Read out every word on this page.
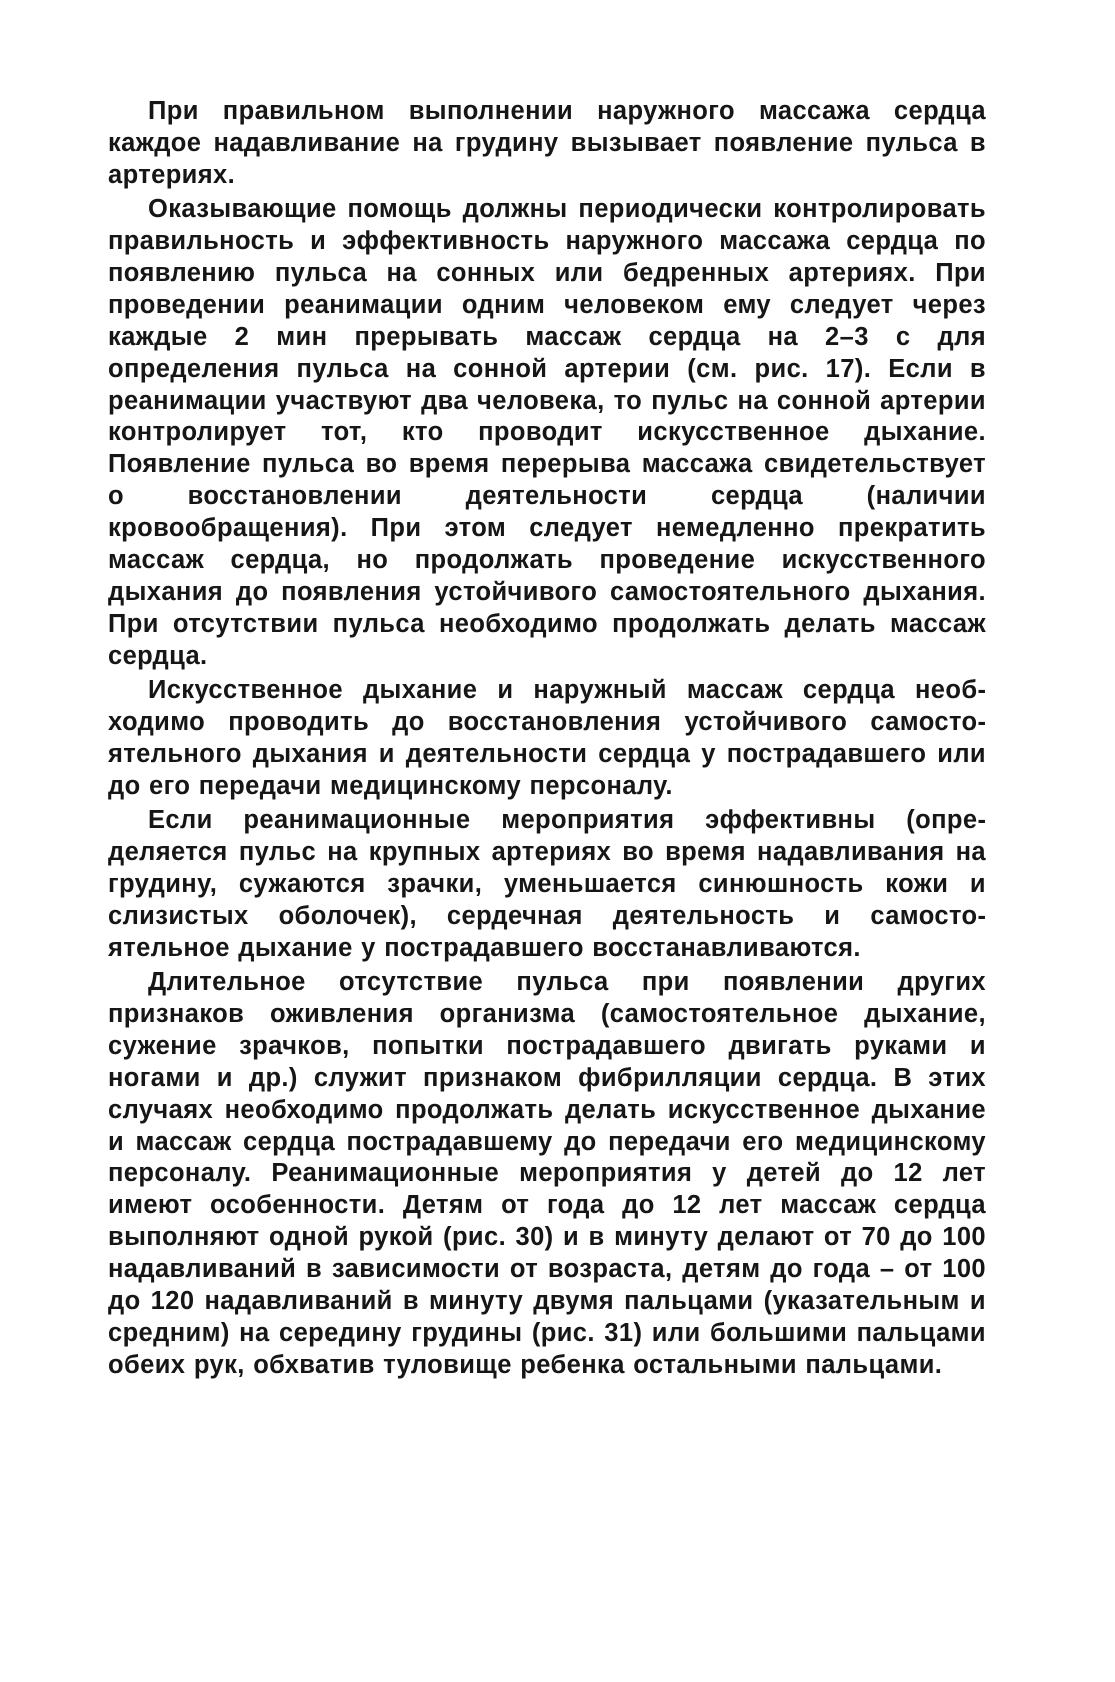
При правильном выполнении наружного массажа сердца каждое надавливание на грудину вызывает появление пульса в артериях.

Оказывающие помощь должны периодически контролировать правильность и эффективность наружного массажа сердца по появлению пульса на сонных или бедренных артериях. При проведении реанимации одним человеком ему следует через каждые 2 мин прерывать массаж сердца на 2–3 с для определения пульса на сонной артерии (см. рис. 17). Если в реанимации участвуют два человека, то пульс на сонной артерии контролирует тот, кто проводит искусственное дыхание. Появление пульса во время перерыва массажа свидетельствует о восстановлении деятельности сердца (наличии кровообращения). При этом следует немедленно прекратить массаж сердца, но продолжать проведение искусственного дыхания до появления устойчивого самостоятельного дыхания. При отсутствии пульса необходимо продолжать делать массаж сердца.

Искусственное дыхание и наружный массаж сердца необходимо проводить до восстановления устойчивого самостоятельного дыхания и деятельности сердца у пострадавшего или до его передачи медицинскому персоналу.

Если реанимационные мероприятия эффективны (определяется пульс на крупных артериях во время надавливания на грудину, сужаются зрачки, уменьшается синюшность кожи и слизистых оболочек), сердечная деятельность и самостоятельное дыхание у пострадавшего восстанавливаются.

Длительное отсутствие пульса при появлении других признаков оживления организма (самостоятельное дыхание, сужение зрачков, попытки пострадавшего двигать руками и ногами и др.) служит признаком фибрилляции сердца. В этих случаях необходимо продолжать делать искусственное дыхание и массаж сердца пострадавшему до передачи его медицинскому персоналу. Реанимационные мероприятия у детей до 12 лет имеют особенности. Детям от года до 12 лет массаж сердца выполняют одной рукой (рис. 30) и в минуту делают от 70 до 100 надавливаний в зависимости от возраста, детям до года – от 100 до 120 надавливаний в минуту двумя пальцами (указательным и средним) на середину грудины (рис. 31) или большими пальцами обеих рук, обхватив туловище ребенка остальными пальцами.
